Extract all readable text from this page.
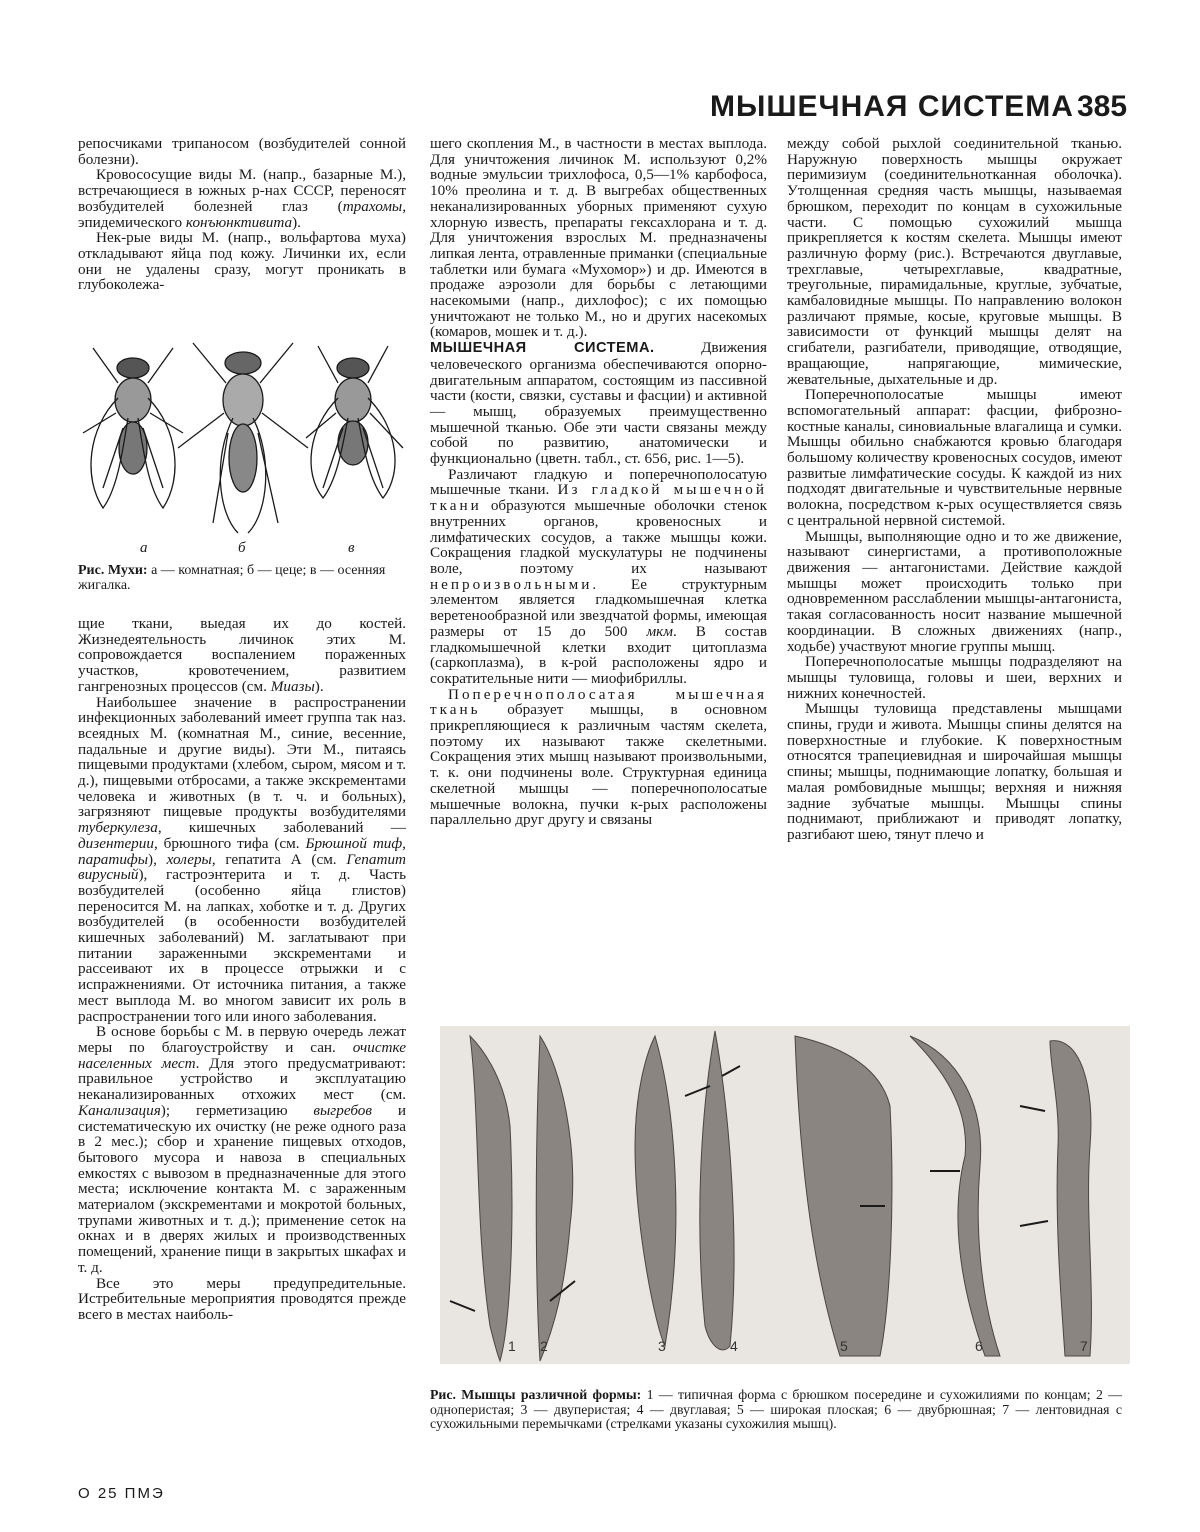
МЫШЕЧНАЯ СИСТЕМА 385

репосчиками трипаносом (возбудителей сонной болезни).

Кровососущие виды М. (напр., базарные М.), встречающиеся в южных р-нах СССР, переносят возбудителей болезней глаз (трахомы, эпидемического конъюнктивита).

Нек-рые виды М. (напр., вольфартова муха) откладывают яйца под кожу. Личинки их, если они не удалены сразу, могут проникать в глубоколежа-

а	б	в
Рис. Мухи: а — комнатная; б — цеце; в — осенняя жигалка.

щие ткани, выедая их до костей. Жизнедеятельность личинок этих М. сопровождается воспалением пораженных участков, кровотечением, развитием гангренозных процессов (см. Миазы).

Наибольшее значение в распространении инфекционных заболеваний имеет группа так наз. всеядных М. (комнатная М., синие, весенние, падальные и другие виды). Эти М., питаясь пищевыми продуктами (хлебом, сыром, мясом и т. д.), пищевыми отбросами, а также экскрементами человека и животных (в т. ч. и больных), загрязняют пищевые продукты возбудителями туберкулеза, кишечных заболеваний — дизентерии, брюшного тифа (см. Брюшной тиф, паратифы), холеры, гепатита А (см. Гепатит вирусный), гастроэнтерита и т. д. Часть возбудителей (особенно яйца глистов) переносится М. на лапках, хоботке и т. д. Других возбудителей (в особенности возбудителей кишечных заболеваний) М. заглатывают при питании зараженными экскрементами и рассеивают их в процессе отрыжки и с испражнениями. От источника питания, а также мест выплода М. во многом зависит их роль в распространении того или иного заболевания.

В основе борьбы с М. в первую очередь лежат меры по благоустройству и сан. очистке населенных мест. Для этого предусматривают: правильное устройство и эксплуатацию неканализированных отхожих мест (см. Канализация); герметизацию выгребов и систематическую их очистку (не реже одного раза в 2 мес.); сбор и хранение пищевых отходов, бытового мусора и навоза в специальных емкостях с вывозом в предназначенные для этого места; исключение контакта М. с зараженным материалом (экскрементами и мокротой больных, трупами животных и т. д.); применение сеток на окнах и в дверях жилых и производственных помещений, хранение пищи в закрытых шкафах и т. д.

Все это меры предупредительные. Истребительные мероприятия проводятся прежде всего в местах наиболь-

шего скопления М., в частности в местах выплода. Для уничтожения личинок М. используют 0,2% водные эмульсии трихлофоса, 0,5—1% карбофоса, 10% преолина и т. д. В выгребах общественных неканализированных уборных применяют сухую хлорную известь, препараты гексахлорана и т. д. Для уничтожения взрослых М. предназначены липкая лента, отравленные приманки (специальные таблетки или бумага «Мухомор») и др. Имеются в продаже аэрозоли для борьбы с летающими насекомыми (напр., дихлофос); с их помощью уничтожают не только М., но и других насекомых (комаров, мошек и т. д.).

МЫШЕЧНАЯ СИСТЕМА. Движения человеческого организма обеспечиваются опорно-двигательным аппаратом, состоящим из пассивной части (кости, связки, суставы и фасции) и активной — мышц, образуемых преимущественно мышечной тканью. Обе эти части связаны между собой по развитию, анатомически и функционально (цветн. табл., ст. 656, рис. 1—5).

Различают гладкую и поперечнополосатую мышечные ткани. Из гладкой мышечной ткани образуются мышечные оболочки стенок внутренних органов, кровеносных и лимфатических сосудов, а также мышцы кожи. Сокращения гладкой мускулатуры не подчинены воле, поэтому их называют непроизвольными. Ее структурным элементом является гладкомышечная клетка веретенообразной или звездчатой формы, имеющая размеры от 15 до 500 мкм. В состав гладкомышечной клетки входит цитоплазма (саркоплазма), в к-рой расположены ядро и сократительные нити — миофибриллы.

Поперечнополосатая мышечная ткань образует мышцы, в основном прикрепляющиеся к различным частям скелета, поэтому их называют также скелетными. Сокращения этих мышц называют произвольными, т. к. они подчинены воле. Структурная единица скелетной мышцы — поперечнополосатые мышечные волокна, пучки к-рых расположены параллельно друг другу и связаны

между собой рыхлой соединительной тканью. Наружную поверхность мышцы окружает перимизиум (соединительнотканная оболочка). Утолщенная средняя часть мышцы, называемая брюшком, переходит по концам в сухожильные части. С помощью сухожилий мышца прикрепляется к костям скелета. Мышцы имеют различную форму (рис.). Встречаются двуглавые, трехглавые, четырехглавые, квадратные, треугольные, пирамидальные, круглые, зубчатые, камбаловидные мышцы. По направлению волокон различают прямые, косые, круговые мышцы. В зависимости от функций мышцы делят на сгибатели, разгибатели, приводящие, отводящие, вращающие, напрягающие, мимические, жевательные, дыхательные и др.

Поперечнополосатые мышцы имеют вспомогательный аппарат: фасции, фиброзно-костные каналы, синовиальные влагалища и сумки. Мышцы обильно снабжаются кровью благодаря большому количеству кровеносных сосудов, имеют развитые лимфатические сосуды. К каждой из них подходят двигательные и чувствительные нервные волокна, посредством к-рых осуществляется связь с центральной нервной системой.

Мышцы, выполняющие одно и то же движение, называют синергистами, а противоположные движения — антагонистами. Действие каждой мышцы может происходить только при одновременном расслаблении мышцы-антагониста, такая согласованность носит название мышечной координации. В сложных движениях (напр., ходьбе) участвуют многие группы мышц.

Поперечнополосатые мышцы подразделяют на мышцы туловища, головы и шеи, верхних и нижних конечностей.

Мышцы туловища представлены мышцами спины, груди и живота. Мышцы спины делятся на поверхностные и глубокие. К поверхностным относятся трапециевидная и широчайшая мышцы спины; мышцы, поднимающие лопатку, большая и малая ромбовидные мышцы; верхняя и нижняя задние зубчатые мышцы. Мышцы спины поднимают, приближают и приводят лопатку, разгибают шею, тянут плечо и

1 2	3	4	5	6	7
Рис. Мышцы различной формы: 1 — типичная форма с брюшком посередине и сухожилиями по концам; 2 — одноперистая; 3 — двуперистая; 4 — двуглавая; 5 — широкая плоская; 6 — двубрюшная; 7 — лентовидная с сухожильными перемычками (стрелками указаны сухожилия мышц).
О 25 ПМЭ
